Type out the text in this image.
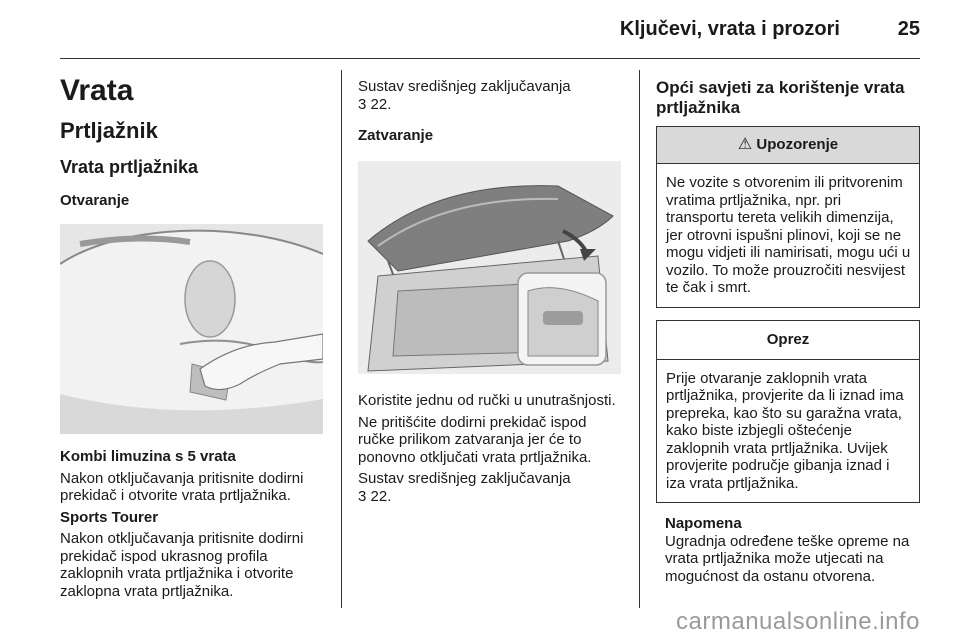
Ključevi, vrata i prozori	25
Vrata
Prtljažnik
Vrata prtljažnika
Otvaranje
Kombi limuzina s 5 vrata

Nakon otključavanja pritisnite dodirni prekidač i otvorite vrata prtljažnika.

Sports Tourer

Nakon otključavanja pritisnite dodirni prekidač ispod ukrasnog profila zaklopnih vrata prtljažnika i otvorite zaklopna vrata prtljažnika.

Sustav središnjeg zaključavanja

3 22.

Zatvaranje

Koristite jednu od ručki u unutrašnjosti.

Ne pritišćite dodirni prekidač ispod ručke prilikom zatvaranja jer će to ponovno otključati vrata prtljažnika.

Sustav središnjeg zaključavanja

3 22.

Opći savjeti za korištenje vrata prtljažnika
⚠ Upozorenje
Ne vozite s otvorenim ili pritvorenim vratima prtljažnika, npr. pri transportu tereta velikih dimenzija, jer otrovni ispušni plinovi, koji se ne mogu vidjeti ili namirisati, mogu ući u vozilo. To može prouzročiti nesvijest te čak i smrt.
Oprez
Prije otvaranje zaklopnih vrata prtljažnika, provjerite da li iznad ima prepreka, kao što su garažna vrata, kako biste izbjegli oštećenje zaklopnih vrata prtljažnika. Uvijek provjerite područje gibanja iznad i iza vrata prtljažnika.
Napomena

Ugradnja određene teške opreme na vrata prtljažnika može utjecati na mogućnost da ostanu otvorena.

carmanualsonline.info
